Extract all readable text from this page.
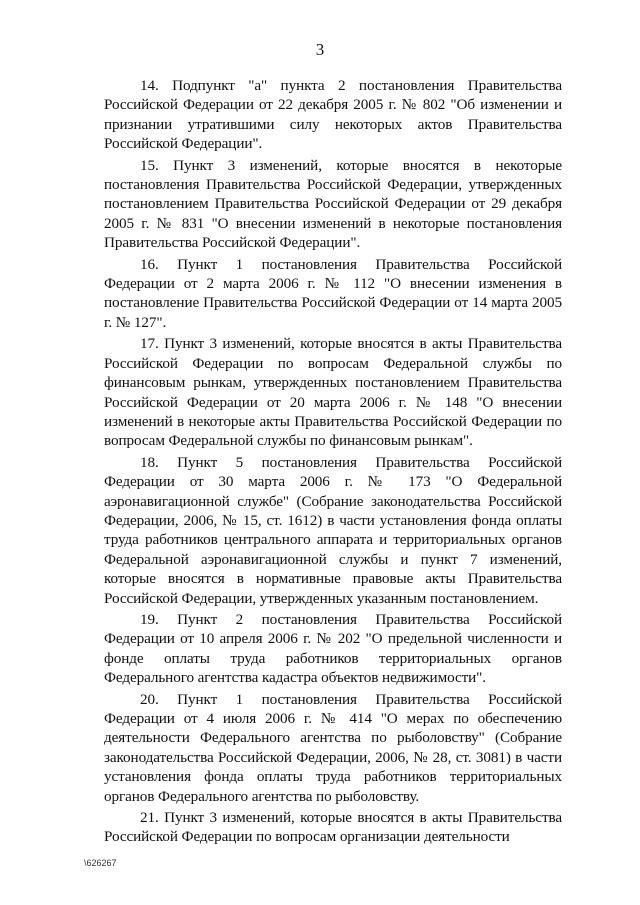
3

14. Подпункт "а" пункта 2 постановления Правительства Российской Федерации от 22 декабря 2005 г. № 802 "Об изменении и признании утратившими силу некоторых актов Правительства Российской Федерации".

15. Пункт 3 изменений, которые вносятся в некоторые постановления Правительства Российской Федерации, утвержденных постановлением Правительства Российской Федерации от 29 декабря 2005 г. № 831 "О внесении изменений в некоторые постановления Правительства Российской Федерации".

16. Пункт 1 постановления Правительства Российской Федерации от 2 марта 2006 г. № 112 "О внесении изменения в постановление Правительства Российской Федерации от 14 марта 2005 г. № 127".

17. Пункт 3 изменений, которые вносятся в акты Правительства Российской Федерации по вопросам Федеральной службы по финансовым рынкам, утвержденных постановлением Правительства Российской Федерации от 20 марта 2006 г. № 148 "О внесении изменений в некоторые акты Правительства Российской Федерации по вопросам Федеральной службы по финансовым рынкам".

18. Пункт 5 постановления Правительства Российской Федерации от 30 марта 2006 г. № 173 "О Федеральной аэронавигационной службе" (Собрание законодательства Российской Федерации, 2006, № 15, ст. 1612) в части установления фонда оплаты труда работников центрального аппарата и территориальных органов Федеральной аэронавигационной службы и пункт 7 изменений, которые вносятся в нормативные правовые акты Правительства Российской Федерации, утвержденных указанным постановлением.

19. Пункт 2 постановления Правительства Российской Федерации от 10 апреля 2006 г. № 202 "О предельной численности и фонде оплаты труда работников территориальных органов Федерального агентства кадастра объектов недвижимости".

20. Пункт 1 постановления Правительства Российской Федерации от 4 июля 2006 г. № 414 "О мерах по обеспечению деятельности Федерального агентства по рыболовству" (Собрание законодательства Российской Федерации, 2006, № 28, ст. 3081) в части установления фонда оплаты труда работников территориальных органов Федерального агентства по рыболовству.

21. Пункт 3 изменений, которые вносятся в акты Правительства Российской Федерации по вопросам организации деятельности

\626267
